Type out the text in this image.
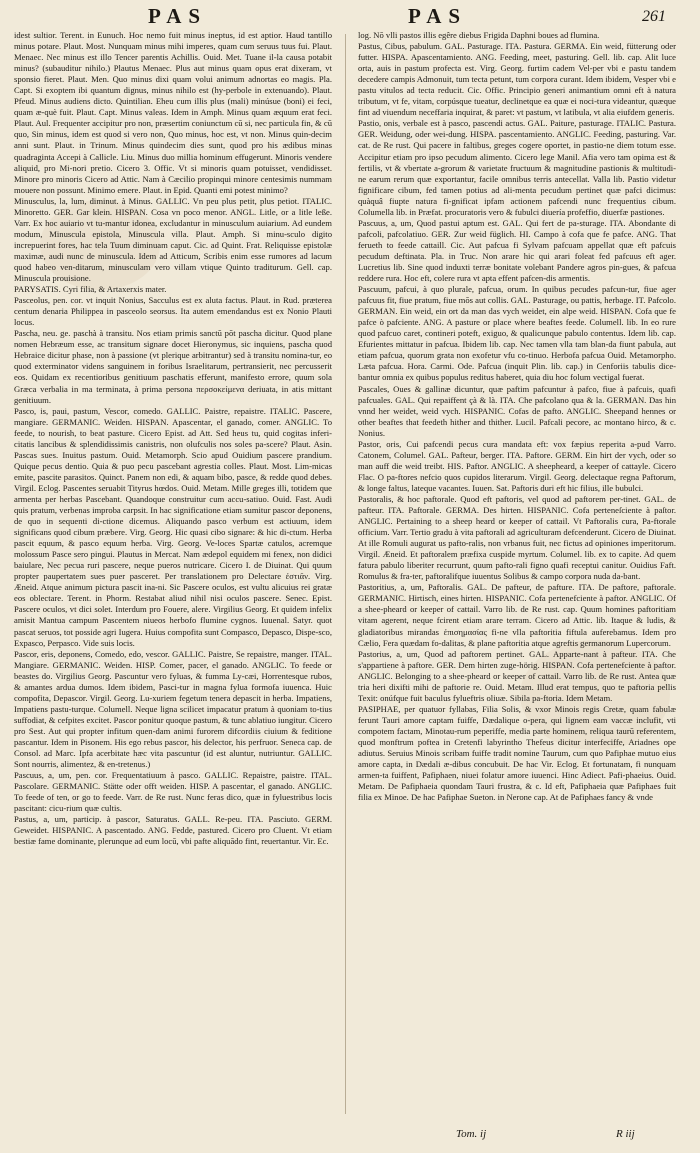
PAS	PAS	261

idest sultior. Terent. in Eunuch. Hoc nemo fuit minus ineptus, id est aptior. Haud tantillo minus potare. Plaut. Most. Nunquam minus mihi imperes, quam cum seruus tuus fui. Plaut. Menaec. Nec minus est illo Tencer parentis Achillis. Ouid. Met. Tuane il-la causa potabit minus? (subauditur nihilo.) Plautus Menaec. Plus aut minus quam opus erat dixeram, vt sponsio fieret. Plaut. Men. Quo minus dixi quam volui animum adnortas eo magis. Pla. Capt. Si exoptem ibi quantum dignus, minus nihilo est (hy-perbole in extenuando). Plaut. Pfeud. Minus audiens dicto. Quintilian. Eheu cum illis plus (mali) minúsue (boni) ei feci, quam æ-què fuit. Plaut. Capt. Minus valeas. Idem in Amph. Minus quam æquum erat feci. Plaut. Aul. Frequenter accipitur pro non, præsertim coniunctum cū si, nec particula fin, & cū quo, Sin minus, idem est quod si vero non, Quo minus, hoc est, vt non. Minus quin-decim anni sunt. Plaut. in Trinum. Minus quindecim dies sunt, quod pro his ædibus minas quadraginta Accepi à Callicle. Liu. Minus duo millia hominum effugerunt. Minoris vendere aliquid, pro Mi-nori pretio. Cicero 3. Offic. Vt si minoris quam potuisset, vendidisset. Minore pro minoris Cicero ad Attic. Nam à Cæcilio propinqui minore centesimis nummam mouere non possunt. Minimo emere. Plaut. in Epid. Quanti emi potest minimo?

Minusculus, la, lum, diminut. à Minus. GALLIC. Vn peu plus petit, plus petiot. ITALIC. Minoretto. GER. Gar klein. HISPAN. Cosa vn poco menor. ANGL. Litle, or a litle leße. Varr. Ex hoc auiario vt tu-mantur idonea, excludantur in minusculum auiarium. Ad eundem modum, Minuscula epistola, Minuscula villa. Plaut. Amph. Si minu-sculo digito increpuerint fores, hac tela Tuum diminuam caput. Cic. ad Quint. Frat. Reliquisse epistolæ maximæ, audi nunc de minuscula. Idem ad Atticum, Scribis enim esse rumores ad lacum quod habeo ven-ditarum, minusculam vero villam vtique Quinto traditurum. Gell. cap. Minuscula prouisione.

PARYSATIS. Cyri filia, & Artaxerxis mater.

Pasceolus, pen. cor. vt inquit Nonius, Sacculus est ex aluta factus. Plaut. in Rud. præterea centum denaria Philippea in pasceolo seorsus. Ita autem emendandus est ex Nonio Plauti locus.

Pascha, neu. ge. paschà à transitu. Nos etiam primis sanctū pōt pascha dicitur. Quod plane nomen Hebræum esse, ac transitum signare docet Hieronymus, sic inquiens, pascha quod Hebraice dicitur phase, non à passione (vt plerique arbitrantur) sed à transitu nomina-tur, eo quod exterminator videns sanguinem in foribus Israelitarum, pertransierit, nec percusserit eos. Quidam ex recentioribus genitiuum paschatis efferunt, manifesto errore, quum sola Græca verbalia in ma terminata, à prima persona περσοκείμενα deriuata, in atis mittant genitiuum.

Pasco, is, paui, pastum, Vescor, comedo. GALLIC. Paistre, repaistre. ITALIC. Pascere, mangiare. GERMANIC. Weiden. HISPAN. Apascentar, el ganado, comer. ANGLIC. To feede, to nourish, to beat pasture. Cicero Epist. ad Att. Sed heus tu, quid cogitas inferi-citatis lancibus & splendidissimis canistris, non olufculis nos soles pa-scere? Plaut. Asin. Pascas sues. Inuitus pastum. Ouid. Metamorph. Scio apud Ouidium pascere prandium. Quique pecus dentio. Quia & puo pecu pascebant agrestia colles. Plaut. Most. Lim-micas emite, pascite parasitos. Quinct. Panem non edi, & aquam bibo, pasce, & redde quod debes. Virgil. Eclog. Pascentes seruabit Tityrus hœdos. Ouid. Metam. Mille greges illi, totidem que armenta per herbas Pascebant. Quandoque construitur cum accu-satiuo. Ouid. Fast. Audi quis pratum, verbenas improba carpsit. In hac significatione etiam sumitur pascor deponens, de quo in sequenti di-ctione dicemus. Aliquando pasco verbum est actiuum, idem significans quod cibum præbere. Virg. Georg. Hic quasi cibo signare: & hic di-ctum. Herba pascit equum, & pasco equum herba. Virg. Georg. Ve-loces Spartæ catulos, acremque molossum Pasce sero pingui. Plautus in Mercat. Nam ædepol equidem mi fenex, non didici baiulare, Nec pecua ruri pascere, neque pueros nutricare. Cicero I. de Diuinat. Qui quum propter paupertatem sues puer pasceret. Per translationem pro Delectare ἐστιᾶν. Virg. Æneid. Atque animum pictura pascit ina-ni. Sic Pascere oculos, est vultu alicuius rei gratæ eos oblectare. Terent. in Phorm. Restabat aliud nihil nisi oculos pascere. Senec. Epist. Pascere oculos, vt dici solet. Interdum pro Fouere, alere. Virgilius Georg. Et quidem infelix amisit Mantua campum Pascentem niueos herbofo flumine cygnos. Iuuenal. Satyr. quot pascat seruos, tot posside agri Iugera. Huius compofita sunt Compasco, Depasco, Dispe-sco, Expasco, Perpasco. Vide suis locis.

Pascor, eris, deponens, Comedo, edo, vescor. GALLIC. Paistre, Se repaistre, manger. ITAL. Mangiare. GERMANIC. Weiden. HISP. Comer, pacer, el ganado. ANGLIC. To feede or beastes do. Virgilius Georg. Pascuntur vero fyluas, & fumma Ly-cæi, Horrentesque rubos, & amantes ardua dumos. Idem ibidem, Pasci-tur in magna fylua formofa iuuenca. Huic compofita, Depascor. Virgil. Georg. Lu-xuriem fegetum tenera depascit in herba. Impatiens, Impatiens pastu-turque. Columell. Neque ligna scilicet impacatur pratum à quoniam to-tius suffodiat, & cefpites excitet. Pascor ponitur quoque pastum, & tunc ablatiuo iungitur. Cicero pro Sest. Aut qui propter infitum quen-dam animi furorem difcordiis ciuium & feditione pascantur. Idem in Pisonem. His ego rebus pascor, his delector, his perfruor. Seneca cap. de Consol. ad Marc. Ipfa acerbitate hæc vita pascuntur (id est aluntur, nutriuntur. GALLIC. Sont nourris, alimentez, & en-tretenus.)

Pascuus, a, um, pen. cor. Frequentatiuum à pasco. GALLIC. Repaistre, paistre. ITAL. Pascolare. GERMANIC. Stätte oder offt weiden. HISP. A pascentar, el ganado. ANGLIC. To feede of ten, or go to feede. Varr. de Re rust. Nunc feras dico, quæ in fyluestribus locis pascitant: cicu-rium quæ cultis.

Pastus, a, um, particip. à pascor, Saturatus. GALL. Re-peu. ITA. Pasciuto. GERM. Geweidet. HISPANIC. A pascentado. ANG. Fedde, pastured. Cicero pro Cluent. Vt etiam bestiæ fame dominante, plerunque ad eum locū, vbi pafte aliquādo fint, reuertantur. Vir. Ec.

log. Nō vlli pastos illis egêre diebus Frigida Daphni boues ad flumina.

Pastus, Cibus, pabulum. GAL. Pasturage. ITA. Pastura. GERMA. Ein weid, fütterung oder futter. HISPA. Apascentamiento. ANG. Feeding, meet, pasturing. Gell. lib. cap. Alit luce orta, auis in pastum profecta est. Virg. Georg. furtim cadem Vel-per vbi e pastu tandem decedere campis Admonuit, tum tecta petunt, tum corpora curant. Idem ibidem, Vesper vbi e pastu vitulos ad tecta reducit. Cic. Offic. Principio generi animantium omni eft à natura tributum, vt fe, vitam, corpúsque tueatur, declinetque ea quæ ei noci-tura videantur, quæque fint ad viuendum neceffaria inquirat, & paret: vt pastum, vt latibula, vt alia eiufdem generis.

Pastio, onis, verbale est à pasco, pascendi actus. GAL. Paiture, pasturage. ITALIC. Pastura. GER. Weidung, oder wei-dung. HISPA. pascentamiento. ANGLIC. Feeding, pasturing. Var. cat. de Re rust. Qui pacere in faltibus, greges cogere oportet, in pastio-ne diem totum esse. Accipitur etiam pro ipso pecudum alimento. Cicero lege Manil. Afia vero tam opima est & fertilis, vt & vbertate a-grorum & varietate fructuum & magnitudine pastionis & multitudi-ne earum rerum quæ exportantur, facile omnibus terris antecellat. Valla lib. Pastio videtur fignificare cibum, fed tamen potius ad ali-menta pecudum pertinet quæ pafci dicimus: quàquâ fiupte natura fi-gnificat ipfam actionem pafcendi nunc frequentius cibum. Columella lib. in Præfat. procuratoris vero & fubulci diuería profeffio, diuerfæ pastiones.

Pascuus, a, um, Quod pastui aptum est. GAL. Qui fert de pa-sturage. ITA. Abondante di pafcoli, pafcolatiuo. GER. Zur weid füglich. HI. Campo à cofa que fe pafce. ANG. That ferueth to feede cattaill. Cic. Aut pafcua fi Sylvam pafcuam appellat quæ eft pafcuis pecudum deftinata. Pla. in Truc. Non arare hic qui arari foleat fed pafcuus eft ager. Lucretius lib. Sine quod induxti terræ bonitate volebant Pandere agros pin-gues, & pafcua reddere rura. Hoc eft, colere rura vt apta effent pafcen-dis armentis.

Pascuum, pafcui, à quo plurale, pafcua, orum. In quibus pecudes pafcun-tur, fiue ager pafcuus fit, fiue pratum, fiue mōs aut collis. GAL. Pasturage, ou pattis, herbage. IT. Pafcolo. GERMAN. Ein weid, ein ort da man das vych weidet, ein alpe weid. HISPAN. Cofa que fe pafce ò pafciente. ANG. A pasture or place where beaftes feede. Columell. lib. In eo rure quod pafcuo caret, contineri poteft, exiguo, & qualicunque pabulo contentus. Idem lib. cap. Efurientes mittatur in pafcua. Ibidem lib. cap. Nec tamen vlla tam blan-da fiunt pabula, aut etiam pafcua, quorum grata non exofetur vfu co-tinuo. Herbofa pafcua Ouid. Metamorpho. Læta pafcua. Hora. Carmi. Ode. Pafcua (inquit Plin. lib. cap.) in Cenforiis tabulis dice-bantur omnia ex quibus populus reditus haberet, quia diu hoc folum vectigal fuerat.

Pascales, Oues & gallinæ dicuntur, quæ paftim pafcuntur à pafco, fiue à pafcuis, quafi pafcuales. GAL. Qui repaiffent çà & là. ITA. Che pafcolano qua & la. GERMAN. Das hin vnnd her weidet, weid vych. HISPANIC. Cofas de pafto. ANGLIC. Sheepand hennes or other beaftes that feedeth hither and thither. Lucil. Pafcali pecore, ac montano hirco, & c. Nonius.

Pastor, oris, Cui pafcendi pecus cura mandata eft: vox fæpius reperita a-pud Varro. Catonem, Columel. GAL. Pafteur, berger. ITA. Paftore. GERM. Ein hirt der vych, oder so man auff die weid treibt. HIS. Paftor. ANGLIC. A sheepheard, a keeper of cattayle. Cicero Flac. O pa-ftores nefcio quos cupidos literarum. Virgil. Georg. delectaque regna Paftorum, & longe faltus, lateque vacantes. Iuuen. Sat. Paftoris duri eft hic filius, ille bubulci.

Pastoralis, & hoc paftorale. Quod eft paftoris, vel quod ad paftorem per-tinet. GAL. de pafteur. ITA. Paftorale. GERMA. Des hirten. HISPANIC. Cofa perteneſciente à paſtor. ANGLIC. Pertaining to a sheep heard or keeper of cattail. Vt Paftoralis cura, Pa-ftorale officium. Varr. Tertio gradu à vita paftorali ad agriculturam defcenderunt. Cicero de Diuinat. At ille Romuli augurat us pafto-ralis, non vrbanus fuit, nec fictus ad opiniones imperitorum. Virgil. Æneid. Et paftoralem præfixa cuspide myrtum. Columel. lib. ex to capite. Ad quem fatura pabulo liberiter recurrunt, quum pafto-rali figno quafi receptui canitur. Ouidius Faft. Romulus & fra-ter, paftoralifque iuuentus Solibus & campo corpora nuda da-bant.

Pastoritius, a, um, Paftoralis. GAL. De pafteur, de pafture. ITA. De paftore, paftorale. GERMANIC. Hirtisch, eines hirten. HISPANIC. Cofa pertenefciente à paftor. ANGLIC. Of a shee-pheard or keeper of cattail. Varro lib. de Re rust. cap. Quum homines paftoritiam vitam agerent, neque fcirent etiam arare terram. Cicero ad Attic. lib. Itaque & ludis, & gladiatoribus mirandas ἐπισημασίας fi-ne vlla paftoritia fiftula auferebamus. Idem pro Cælio, Fera quædam fo-dalitas, & plane paftoritia atque agreftis germanorum Lupercorum.

Pastorius, a, um, Quod ad paftorem pertinet. GAL. Apparte-nant à pafteur. ITA. Che s'appartiene à paftore. GER. Dem hirten zuge-hörig. HISPAN. Cofa pertenefciente à paftor. ANGLIC. Belonging to a shee-pheard or keeper of cattail. Varro lib. de Re rust. Antea quæ tria heri dixifti mihi de paftorie re. Ouid. Metam. Illud erat tempus, quo te paftoria pellis Texit: onúfque fuit baculus fylueftris oliuæ. Sibila pa-ftoria. Idem Metam.

PASIPHAE, per quatuor fyllabas, Filia Solis, & vxor Minois regis Cretæ, quam fabulæ ferunt Tauri amore captam fuiffe, Dædalique o-pera, qui lignem eam vaccæ inclufit, vti compotem factam, Minotau-rum peperiffe, media parte hominem, reliqua taurū referentem, quod monftrum poftea in Cretenfi labyrintho Thefeus dicitur interfeciffe, Ariadnes ope adiutus. Seruius Minois scribam fuiffe tradit nomine Taurum, cum quo Pafiphae mutuo eius amore capta, in Dædali æ-dibus concubuit. De hac Vir. Eclog. Et fortunatam, fi nunquam armen-ta fuiffent, Pafiphaen, niuei folatur amore iuuenci. Hinc Adiect. Pafi-phaeius. Ouid. Metam. De Pafiphaeia quondam Tauri frustra, & c. Id eft, Pafiphaeia quæ Pafiphaes fuit filia ex Minoe. De hac Pafiphae Sueton. in Nerone cap. At de Pafiphaes fancy & vnde

Tom. ij	R iij
